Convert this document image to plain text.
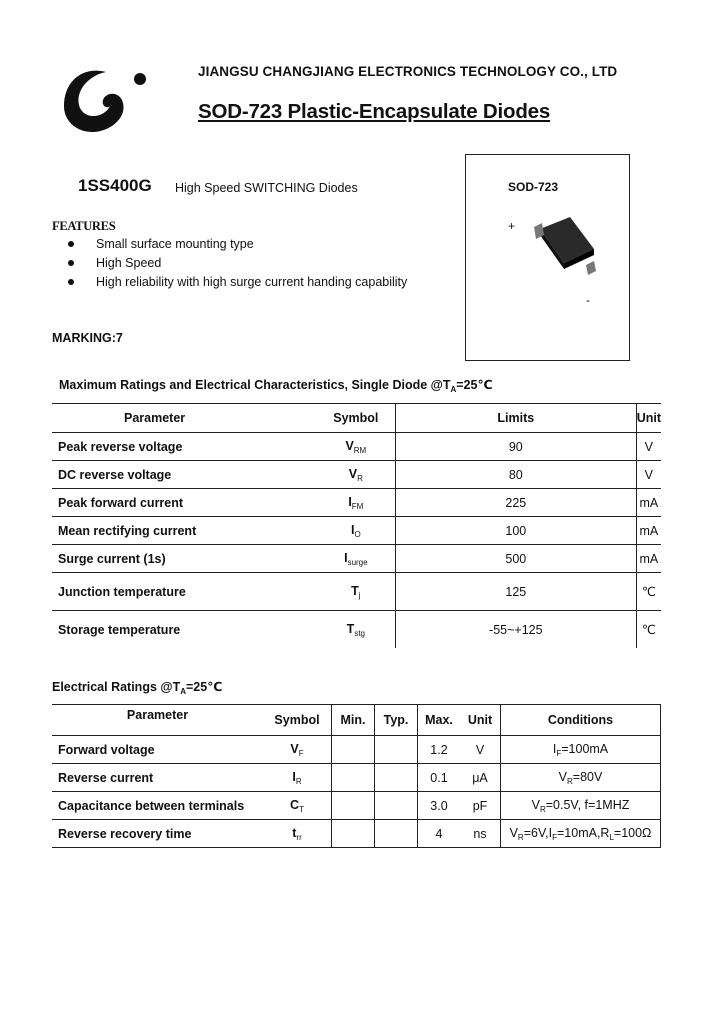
JIANGSU CHANGJIANG ELECTRONICS TECHNOLOGY CO., LTD
SOD-723 Plastic-Encapsulate Diodes
SOD-723
+
-
1SS400G High Speed SWITCHING Diodes
FEATURES
Small surface mounting type
High Speed
High reliability with high surge current handing capability
MARKING:7
Maximum Ratings and Electrical Characteristics, Single Diode $@T_A=25℃$
Parameter	Symbol	Limits	Unit
Peak reverse voltage	$V_{RM}$	90	V
DC reverse voltage	$V_R$	80	V
Peak forward current	$I_{FM}$	225	mA
Mean rectifying current	$I_O$	100	mA
Surge current (1s)	$I_{surge}$	500	mA
Junction temperature	$T_j$	125	℃
Storage temperature	$T_{stg}$	-55~+125	℃
Electrical Ratings $@T_A=25℃$
Parameter	Symbol	Min.	Typ.	Max.	Unit	Conditions
Forward voltage	$V_F$			1.2	V	$I_F=100mA$
Reverse current	$I_R$			0.1	μA	$V_R=80V$
Capacitance between terminals	$C_T$			3.0	pF	$V_R=0.5V$, f=1MHZ
Reverse recovery time	$t_{rr}$			4	ns	$V_R=6V,I_F=10mA,R_L=100\Omega$
